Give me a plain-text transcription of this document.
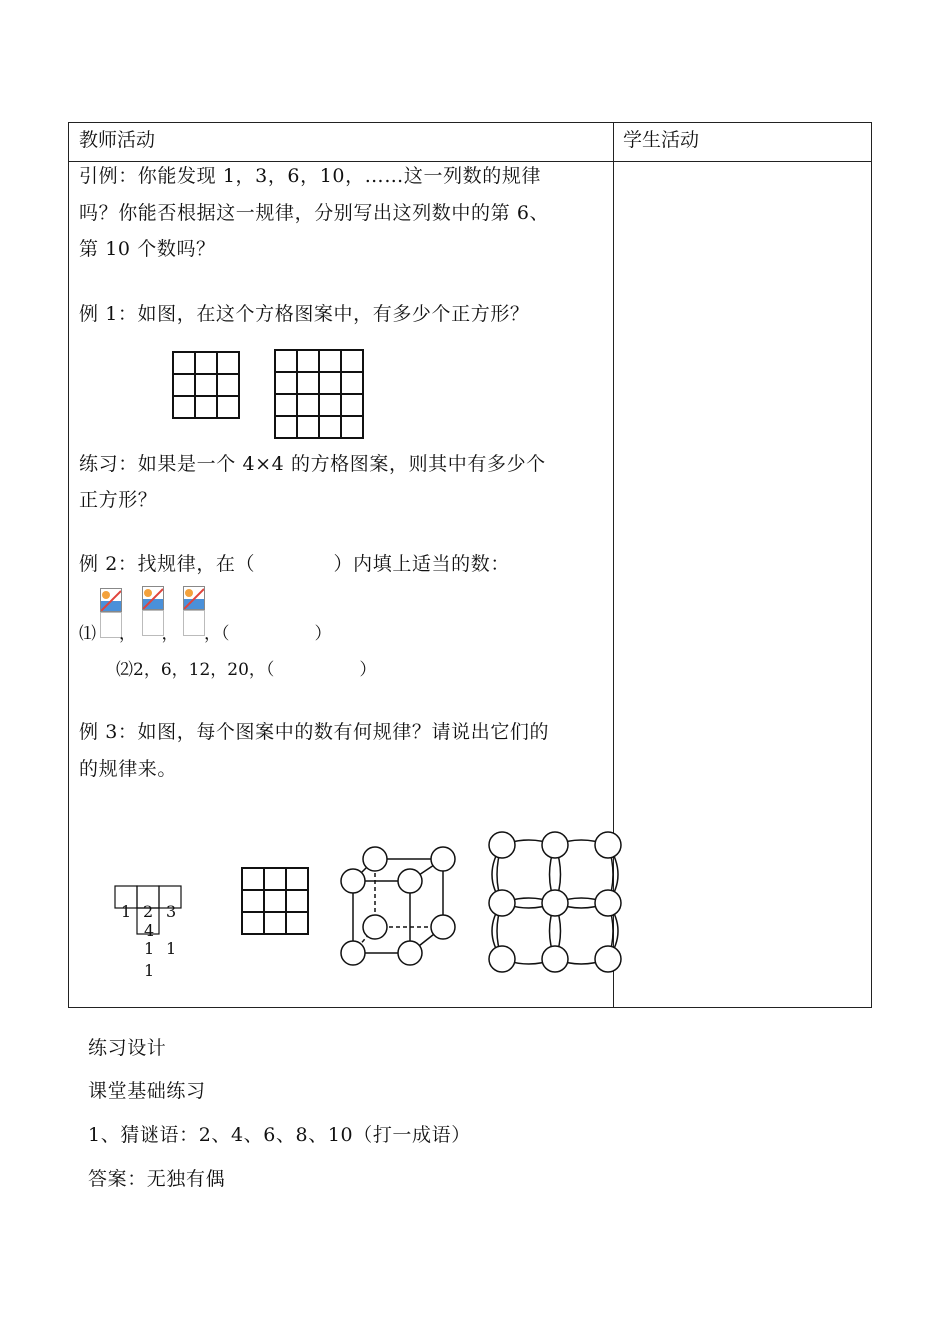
教师活动	学生活动
引例：你能发现 1，3，6，10，……这一列数的规律
吗？你能否根据这一规律，分别写出这列数中的第 6、
第 10 个数吗？
例 1：如图，在这个方格图案中，有多少个正方形？
练习：如果是一个 4×4 的方格图案，则其中有多少个
正方形？
例 2：找规律，在（　　　　）内填上适当的数：
⑴ ，　　，　　，（　　　　　）
⑵2，6，12，20，（　　　　　）
例 3：如图，每个图案中的数有何规律？请说出它们的
的规律来。
1 2 3
4
1 1
1
练习设计
课堂基础练习
1、猜谜语：2、4、6、8、10（打一成语）
答案：无独有偶
